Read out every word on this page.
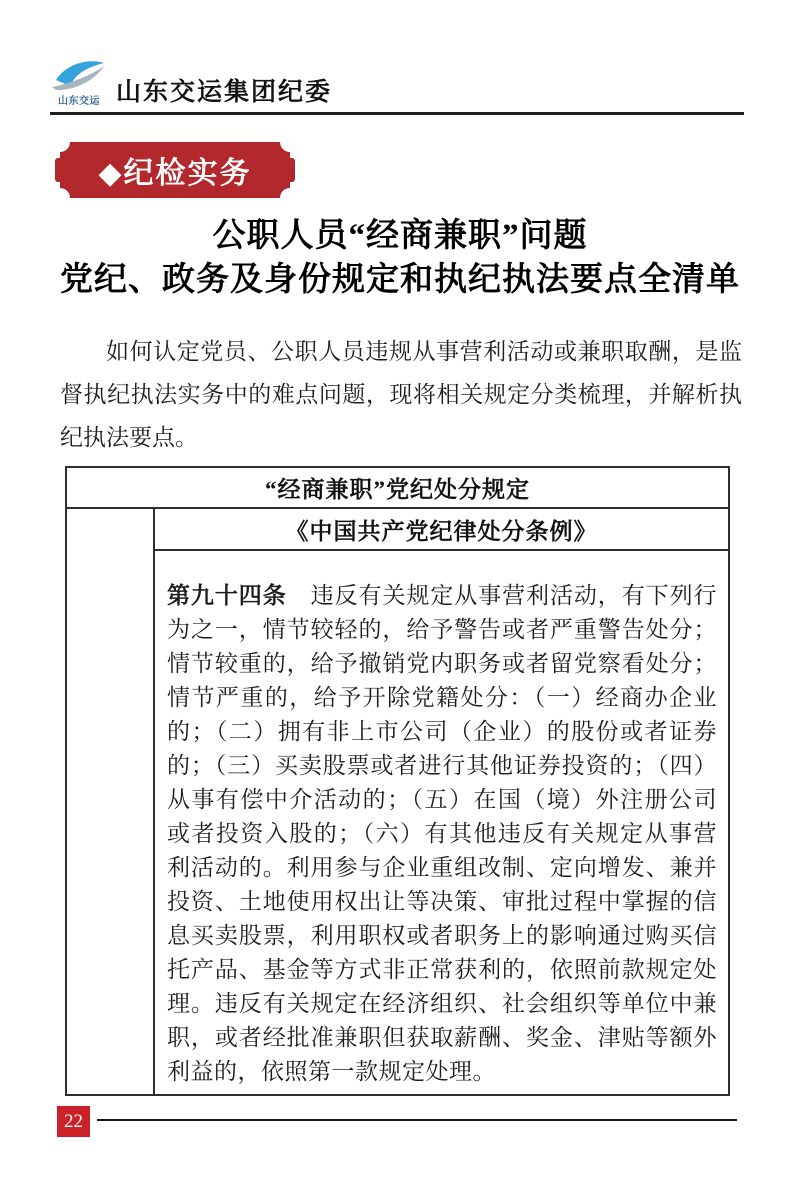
山东交运 山东交运集团纪委
◆纪检实务
公职人员“经商兼职”问题
党纪、政务及身份规定和执纪执法要点全清单
如何认定党员、公职人员违规从事营利活动或兼职取酬，是监督执纪执法实务中的难点问题，现将相关规定分类梳理，并解析执纪执法要点。
“经商兼职”党纪处分规定
《中国共产党纪律处分条例》
第九十四条 违反有关规定从事营利活动，有下列行为之一，情节较轻的，给予警告或者严重警告处分；情节较重的，给予撤销党内职务或者留党察看处分；情节严重的，给予开除党籍处分：（一）经商办企业的；（二）拥有非上市公司（企业）的股份或者证券的；（三）买卖股票或者进行其他证券投资的；（四）从事有偿中介活动的；（五）在国（境）外注册公司或者投资入股的；（六）有其他违反有关规定从事营利活动的。利用参与企业重组改制、定向增发、兼并投资、土地使用权出让等决策、审批过程中掌握的信息买卖股票，利用职权或者职务上的影响通过购买信托产品、基金等方式非正常获利的，依照前款规定处理。违反有关规定在经济组织、社会组织等单位中兼职，或者经批准兼职但获取薪酬、奖金、津贴等额外利益的，依照第一款规定处理。
22
